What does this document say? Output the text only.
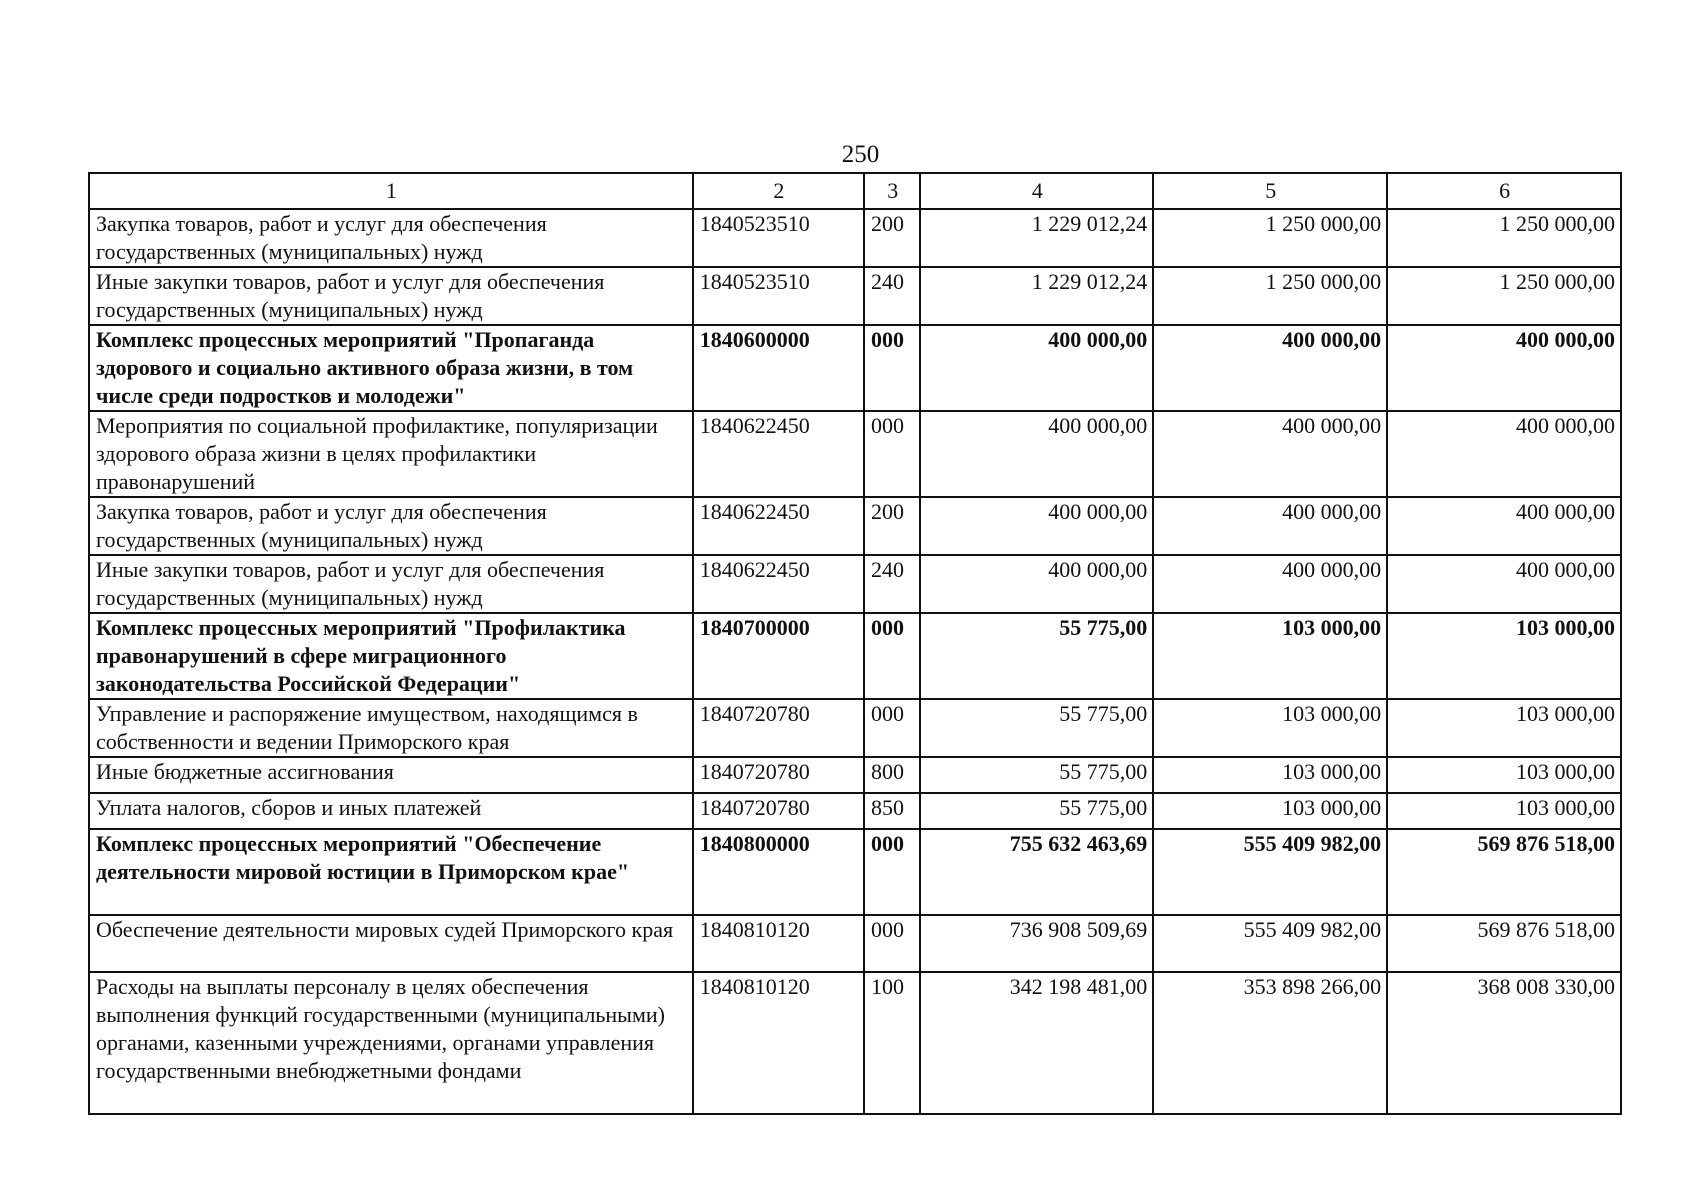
250
1	2	3	4	5	6
Закупка товаров, работ и услуг для обеспечения государственных (муниципальных) нужд	1840523510	200	1 229 012,24	1 250 000,00	1 250 000,00
Иные закупки товаров, работ и услуг для обеспечения государственных (муниципальных) нужд	1840523510	240	1 229 012,24	1 250 000,00	1 250 000,00
Комплекс процессных мероприятий "Пропаганда здорового и социально активного образа жизни, в том числе среди подростков и молодежи"	1840600000	000	400 000,00	400 000,00	400 000,00
Мероприятия по социальной профилактике, популяризации здорового образа жизни в целях профилактики правонарушений	1840622450	000	400 000,00	400 000,00	400 000,00
Закупка товаров, работ и услуг для обеспечения государственных (муниципальных) нужд	1840622450	200	400 000,00	400 000,00	400 000,00
Иные закупки товаров, работ и услуг для обеспечения государственных (муниципальных) нужд	1840622450	240	400 000,00	400 000,00	400 000,00
Комплекс процессных мероприятий "Профилактика правонарушений в сфере миграционного законодательства Российской Федерации"	1840700000	000	55 775,00	103 000,00	103 000,00
Управление и распоряжение имуществом, находящимся в собственности и ведении Приморского края	1840720780	000	55 775,00	103 000,00	103 000,00
Иные бюджетные ассигнования	1840720780	800	55 775,00	103 000,00	103 000,00
Уплата налогов, сборов и иных платежей	1840720780	850	55 775,00	103 000,00	103 000,00
Комплекс процессных мероприятий "Обеспечение деятельности мировой юстиции в Приморском крае"	1840800000	000	755 632 463,69	555 409 982,00	569 876 518,00
Обеспечение деятельности мировых судей Приморского края	1840810120	000	736 908 509,69	555 409 982,00	569 876 518,00
Расходы на выплаты персоналу в целях обеспечения выполнения функций государственными (муниципальными) органами, казенными учреждениями, органами управления государственными внебюджетными фондами	1840810120	100	342 198 481,00	353 898 266,00	368 008 330,00
